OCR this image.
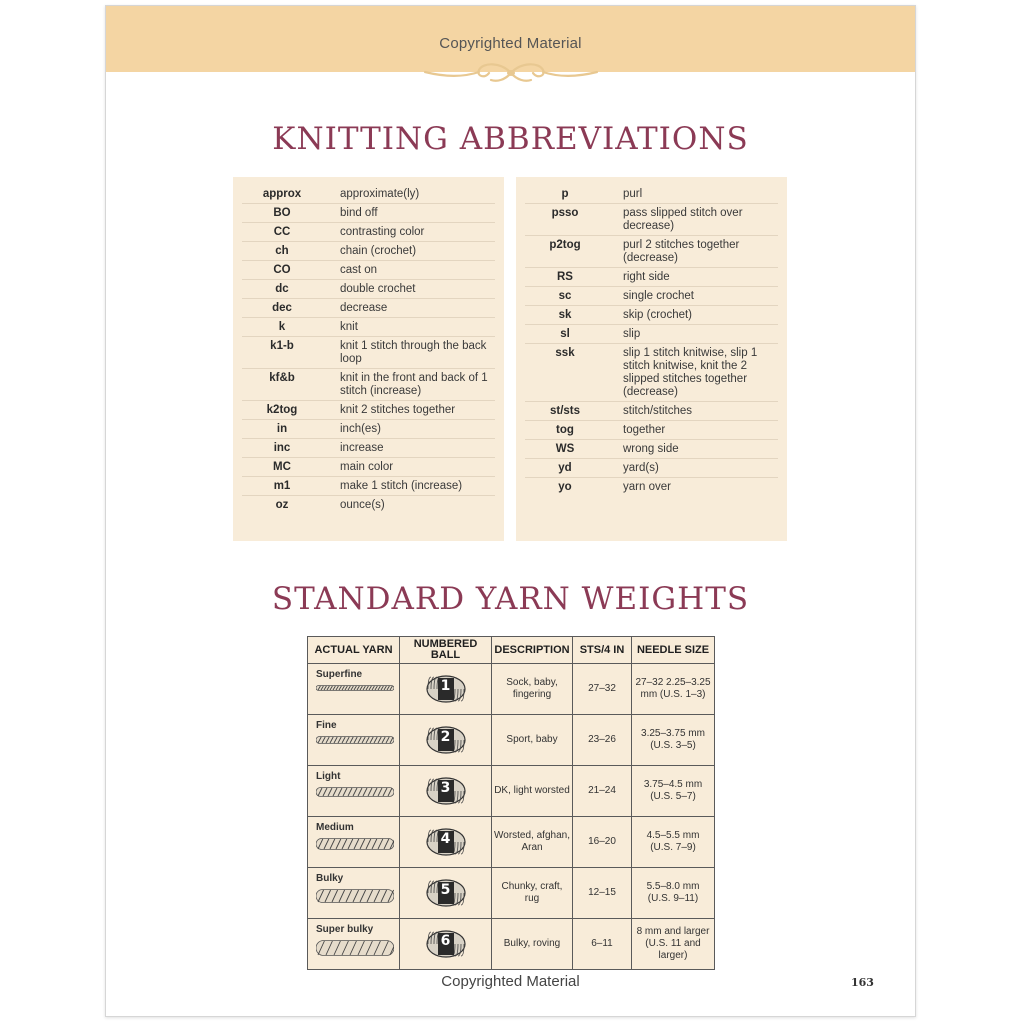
Copyrighted Material
KNITTING ABBREVIATIONS
approx	approximate(ly)
BO	bind off
CC	contrasting color
ch	chain (crochet)
CO	cast on
dc	double crochet
dec	decrease
k	knit
k1-b	knit 1 stitch through the back loop
kf&b	knit in the front and back of 1 stitch (increase)
k2tog	knit 2 stitches together
in	inch(es)
inc	increase
MC	main color
m1	make 1 stitch (increase)
oz	ounce(s)
p	purl
psso	pass slipped stitch over decrease)
p2tog	purl 2 stitches together (decrease)
RS	right side
sc	single crochet
sk	skip (crochet)
sl	slip
ssk	slip 1 stitch knitwise, slip 1 stitch knitwise, knit the 2 slipped stitches together (decrease)
st/sts	stitch/stitches
tog	together
WS	wrong side
yd	yard(s)
yo	yarn over
STANDARD YARN WEIGHTS
ACTUAL YARN	NUMBERED BALL	DESCRIPTION	STS/4 IN	NEEDLE SIZE

Superfine	1	Sock, baby, fingering	27–32	27–32 2.25–3.25 mm (U.S. 1–3)

Fine	2	Sport, baby	23–26	3.25–3.75 mm (U.S. 3–5)

Light	3	DK, light worsted	21–24	3.75–4.5 mm (U.S. 5–7)

Medium	4	Worsted, afghan, Aran	16–20	4.5–5.5 mm (U.S. 7–9)

Bulky	5	Chunky, craft, rug	12–15	5.5–8.0 mm (U.S. 9–11)

Super bulky	6	Bulky, roving	6–11	8 mm and larger (U.S. 11 and larger)
Copyrighted Material	163
